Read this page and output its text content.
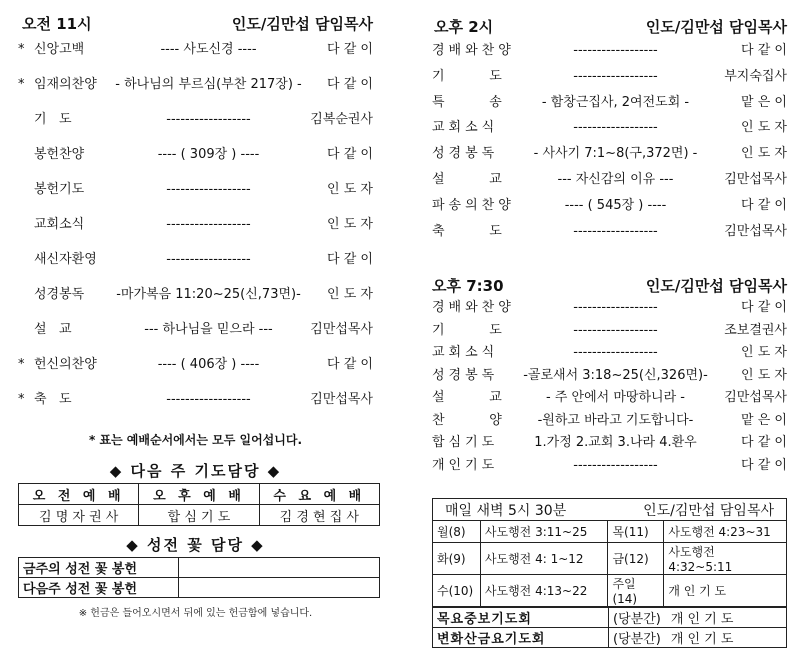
오전 11시	인도/김만섭 담임목사
* 신앙고백	---- 사도신경 ----	다 같 이
* 임재의찬양	- 하나님의 부르심(부찬 217장) -	다 같 이
기   도	------------------	김복순권사
봉헌찬양	---- ( 309장 ) ----	다 같 이
봉헌기도	------------------	인 도 자
교회소식	------------------	인 도 자
새신자환영	------------------	다 같 이
성경봉독	-마가복음 11:20~25(신,73면)-	인 도 자
설   교	--- 하나님을 믿으라 ---	김만섭목사
* 헌신의찬양	---- ( 406장 ) ----	다 같 이
* 축   도	------------------	김만섭목사
* 표는 예배순서에서는 모두 일어섭니다.
◆ 다음 주 기도담당 ◆
오 전 예 배	오 후 예 배	수 요 예 배
김 명 자 권 사	합 심 기 도	김 경 현 집 사
◆ 성전 꽃 담당 ◆
금주의 성전 꽃 봉헌	
다음주 성전 꽃 봉헌	
※ 헌금은 들어오시면서 뒤에 있는 헌금함에 넣습니다.
오후 2시	인도/김만섭 담임목사
경배와찬양	------------------	다 같 이
기     도	------------------	부지숙집사
특     송	- 함창근집사, 2여전도회 -	맡 은 이
교회소식	------------------	인 도 자
성경봉독	- 사사기 7:1~8(구,372면) -	인 도 자
설     교	--- 자신감의 이유 ---	김만섭목사
파송의찬양	---- ( 545장 ) ----	다 같 이
축     도	------------------	김만섭목사
오후 7:30	인도/김만섭 담임목사
경배와찬양	------------------	다 같 이
기     도	------------------	조보결권사
교회소식	------------------	인 도 자
성경봉독	-골로새서 3:18~25(신,326면)-	인 도 자
설     교	- 주 안에서 마땅하니라 -	김만섭목사
찬     양	-원하고 바라고 기도합니다-	맡 은 이
합심기도	1.가정 2.교회 3.나라 4.환우	다 같 이
개인기도	------------------	다 같 이
매일 새벽 5시 30분 인도/김만섭 담임목사			

월(8)	사도행전 3:11~25	목(11)	사도행전 4:23~31
화(9)	사도행전 4: 1~12	금(12)	사도행전 4:32~5:11
수(10)	사도행전 4:13~22	주일(14)	개 인 기 도
목요중보기도회	(당분간) 개 인 기 도
변화산금요기도회	(당분간) 개 인 기 도
